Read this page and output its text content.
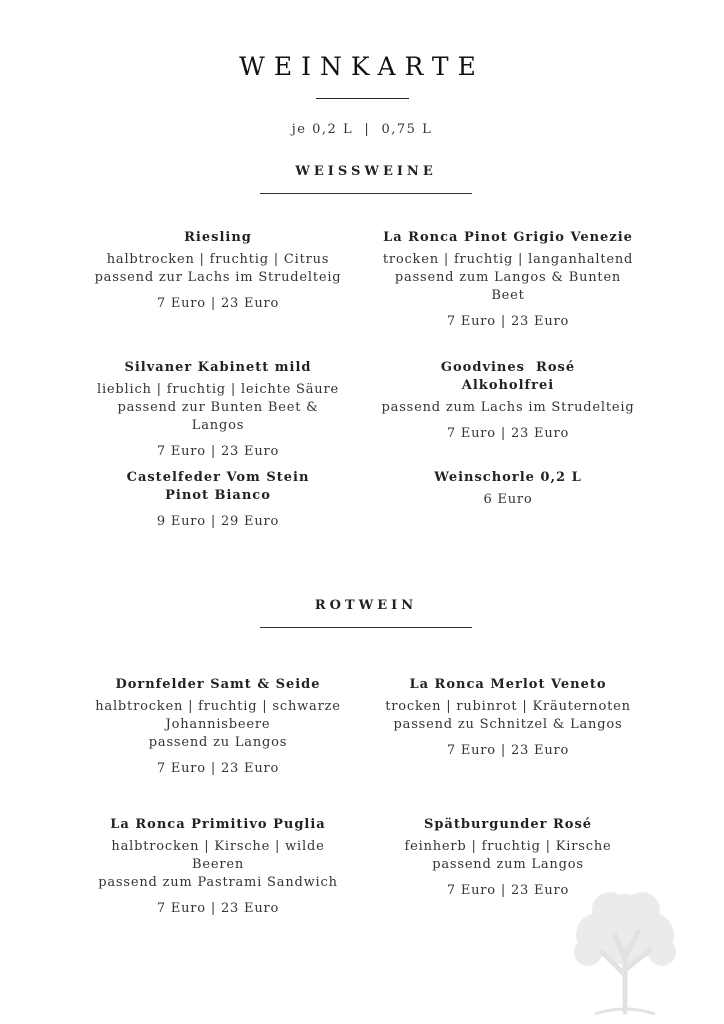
WEINKARTE
je 0,2 L  |  0,75 L
WEISSWEINE
Riesling
halbtrocken | fruchtig | Citrus
passend zur Lachs im Strudelteig
7 Euro | 23 Euro
La Ronca Pinot Grigio Venezie
trocken | fruchtig | langanhaltend
passend zum Langos & Bunten
Beet
7 Euro | 23 Euro
Silvaner Kabinett mild
lieblich | fruchtig | leichte Säure
passend zur Bunten Beet & Langos
7 Euro | 23 Euro
Goodvines  Rosé
Alkoholfrei
passend zum Lachs im Strudelteig
7 Euro | 23 Euro
Castelfeder Vom Stein
Pinot Bianco
9 Euro | 29 Euro
Weinschorle 0,2 L
6 Euro
ROTWEIN
Dornfelder Samt & Seide
halbtrocken | fruchtig | schwarze
Johannisbeere
passend zu Langos
7 Euro | 23 Euro
La Ronca Merlot Veneto
trocken | rubinrot | Kräuternoten
passend zu Schnitzel & Langos
7 Euro | 23 Euro
La Ronca Primitivo Puglia
halbtrocken | Kirsche | wilde
Beeren
passend zum Pastrami Sandwich
7 Euro | 23 Euro
Spätburgunder Rosé
feinherb | fruchtig | Kirsche
passend zum Langos
7 Euro | 23 Euro
